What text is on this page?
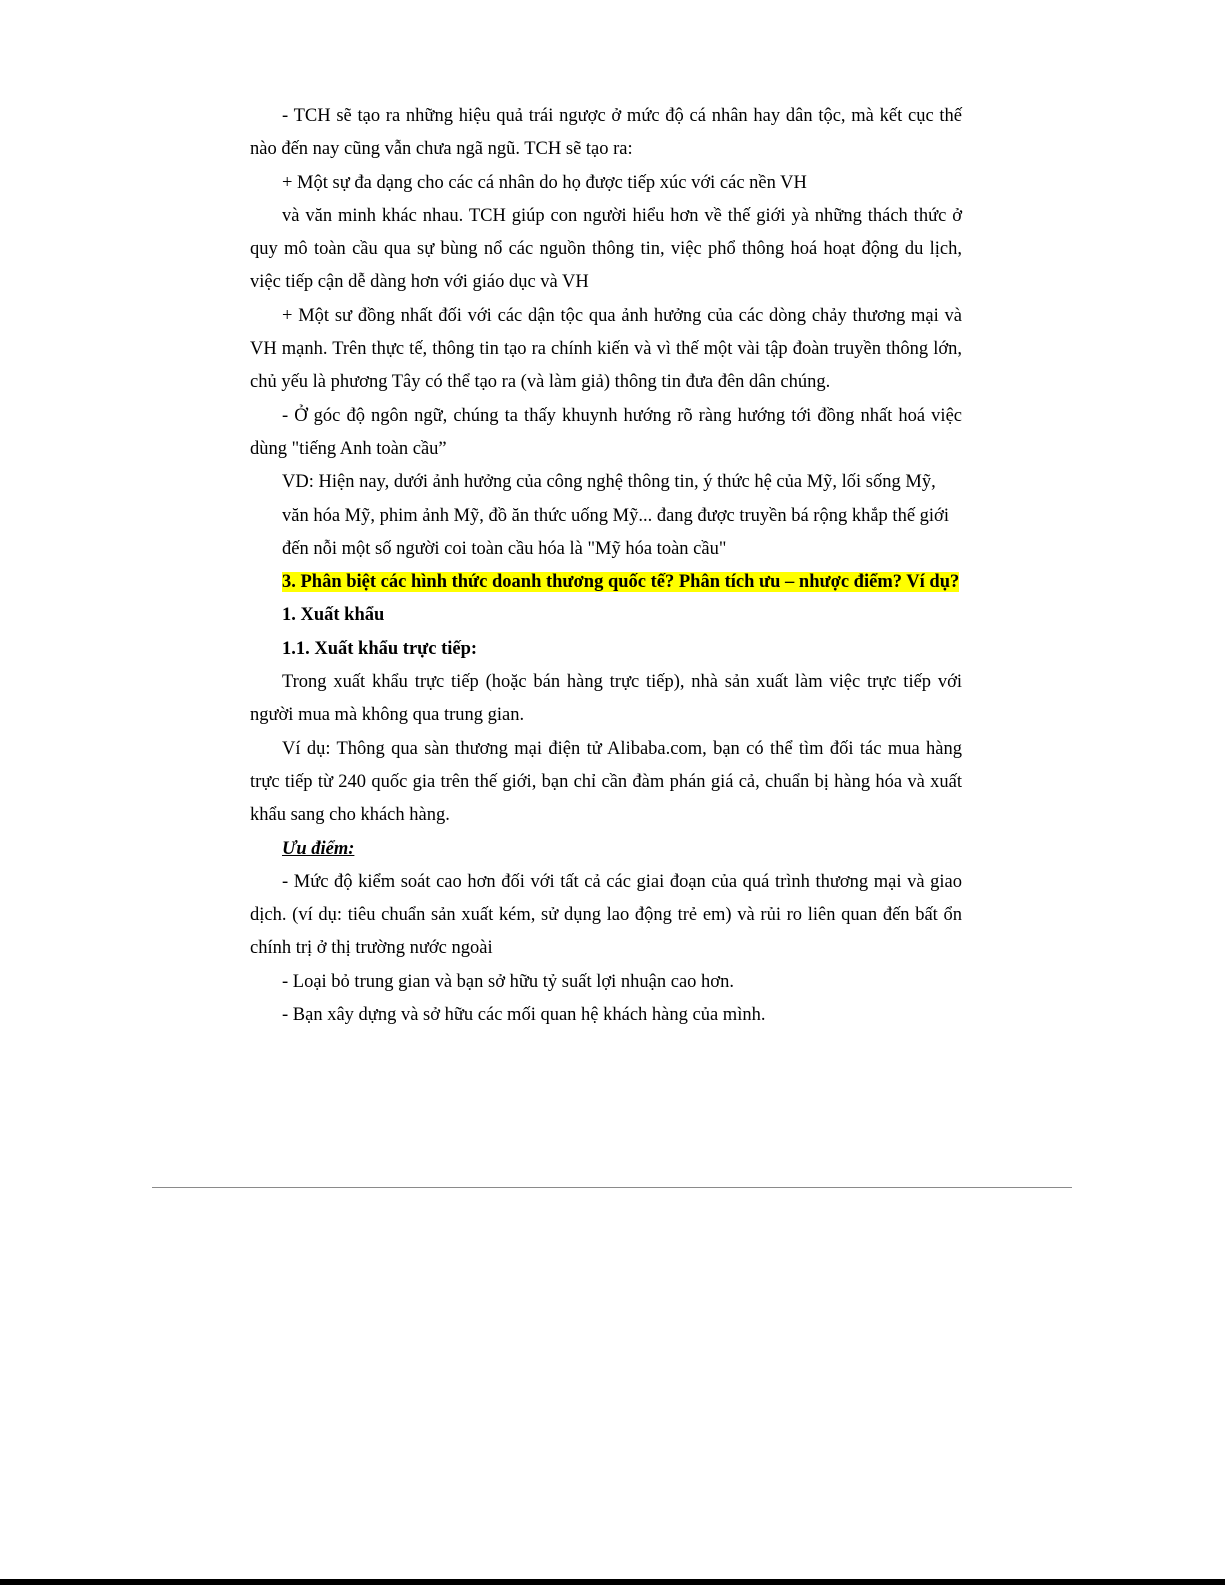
- TCH sẽ tạo ra những hiệu quả trái ngược ở mức độ cá nhân hay dân tộc, mà kết cục thế nào đến nay cũng vẫn chưa ngã ngũ. TCH sẽ tạo ra:

+ Một sự đa dạng cho các cá nhân do họ được tiếp xúc với các nền VH

và văn minh khác nhau. TCH giúp con người hiểu hơn về thế giới yà những thách thức ở quy mô toàn cầu qua sự bùng nổ các nguồn thông tin, việc phổ thông hoá hoạt động du lịch, việc tiếp cận dễ dàng hơn với giáo dục và VH

+ Một sư đồng nhất đối với các dận tộc qua ảnh hưởng của các dòng chảy thương mại và VH mạnh. Trên thực tế, thông tin tạo ra chính kiến và vì thế một vài tập đoàn truyền thông lớn, chủ yếu là phương Tây có thể tạo ra (và làm giả) thông tin đưa đên dân chúng.

- Ở góc độ ngôn ngữ, chúng ta thấy khuynh hướng rõ ràng hướng tới đồng nhất hoá việc dùng "tiếng Anh toàn cầu”

VD: Hiện nay, dưới ảnh hưởng của công nghệ thông tin, ý thức hệ của Mỹ, lối sống Mỹ, văn hóa Mỹ, phim ảnh Mỹ, đồ ăn thức uống Mỹ... đang được truyền bá rộng khắp thế giới đến nỗi một số người coi toàn cầu hóa là "Mỹ hóa toàn cầu"

3. Phân biệt các hình thức doanh thương quốc tế? Phân tích ưu – nhược điểm? Ví dụ?

1. Xuất khẩu

1.1. Xuất khẩu trực tiếp:

Trong xuất khẩu trực tiếp (hoặc bán hàng trực tiếp), nhà sản xuất làm việc trực tiếp với người mua mà không qua trung gian.

Ví dụ: Thông qua sàn thương mại điện tử Alibaba.com, bạn có thể tìm đối tác mua hàng trực tiếp từ 240 quốc gia trên thế giới, bạn chỉ cần đàm phán giá cả, chuẩn bị hàng hóa và xuất khẩu sang cho khách hàng.

Ưu điểm:

- Mức độ kiểm soát cao hơn đối với tất cả các giai đoạn của quá trình thương mại và giao dịch. (ví dụ: tiêu chuẩn sản xuất kém, sử dụng lao động trẻ em) và rủi ro liên quan đến bất ổn chính trị ở thị trường nước ngoài

- Loại bỏ trung gian và bạn sở hữu tỷ suất lợi nhuận cao hơn.

- Bạn xây dựng và sở hữu các mối quan hệ khách hàng của mình.
